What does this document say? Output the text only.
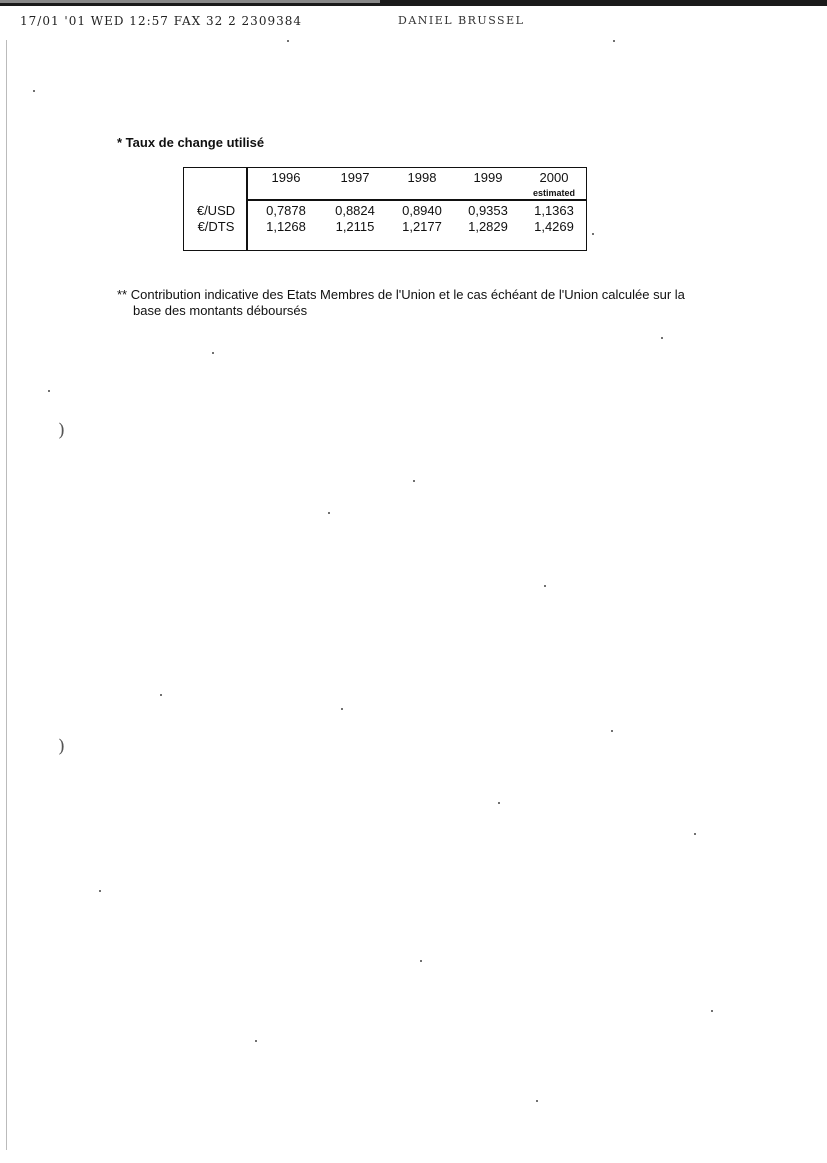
17/01 '01 WED 12:57 FAX 32 2 2309384	DANIEL BRUSSEL
)
)
* Taux de change utilisé
1996	1997	1998	1999	2000
estimated
€/USD	0,7878	0,8824	0,8940	0,9353	1,1363
€/DTS	1,1268	1,2115	1,2177	1,2829	1,4269
** Contribution indicative des Etats Membres de l'Union et le cas échéant de l'Union calculée sur la
base des montants déboursés
